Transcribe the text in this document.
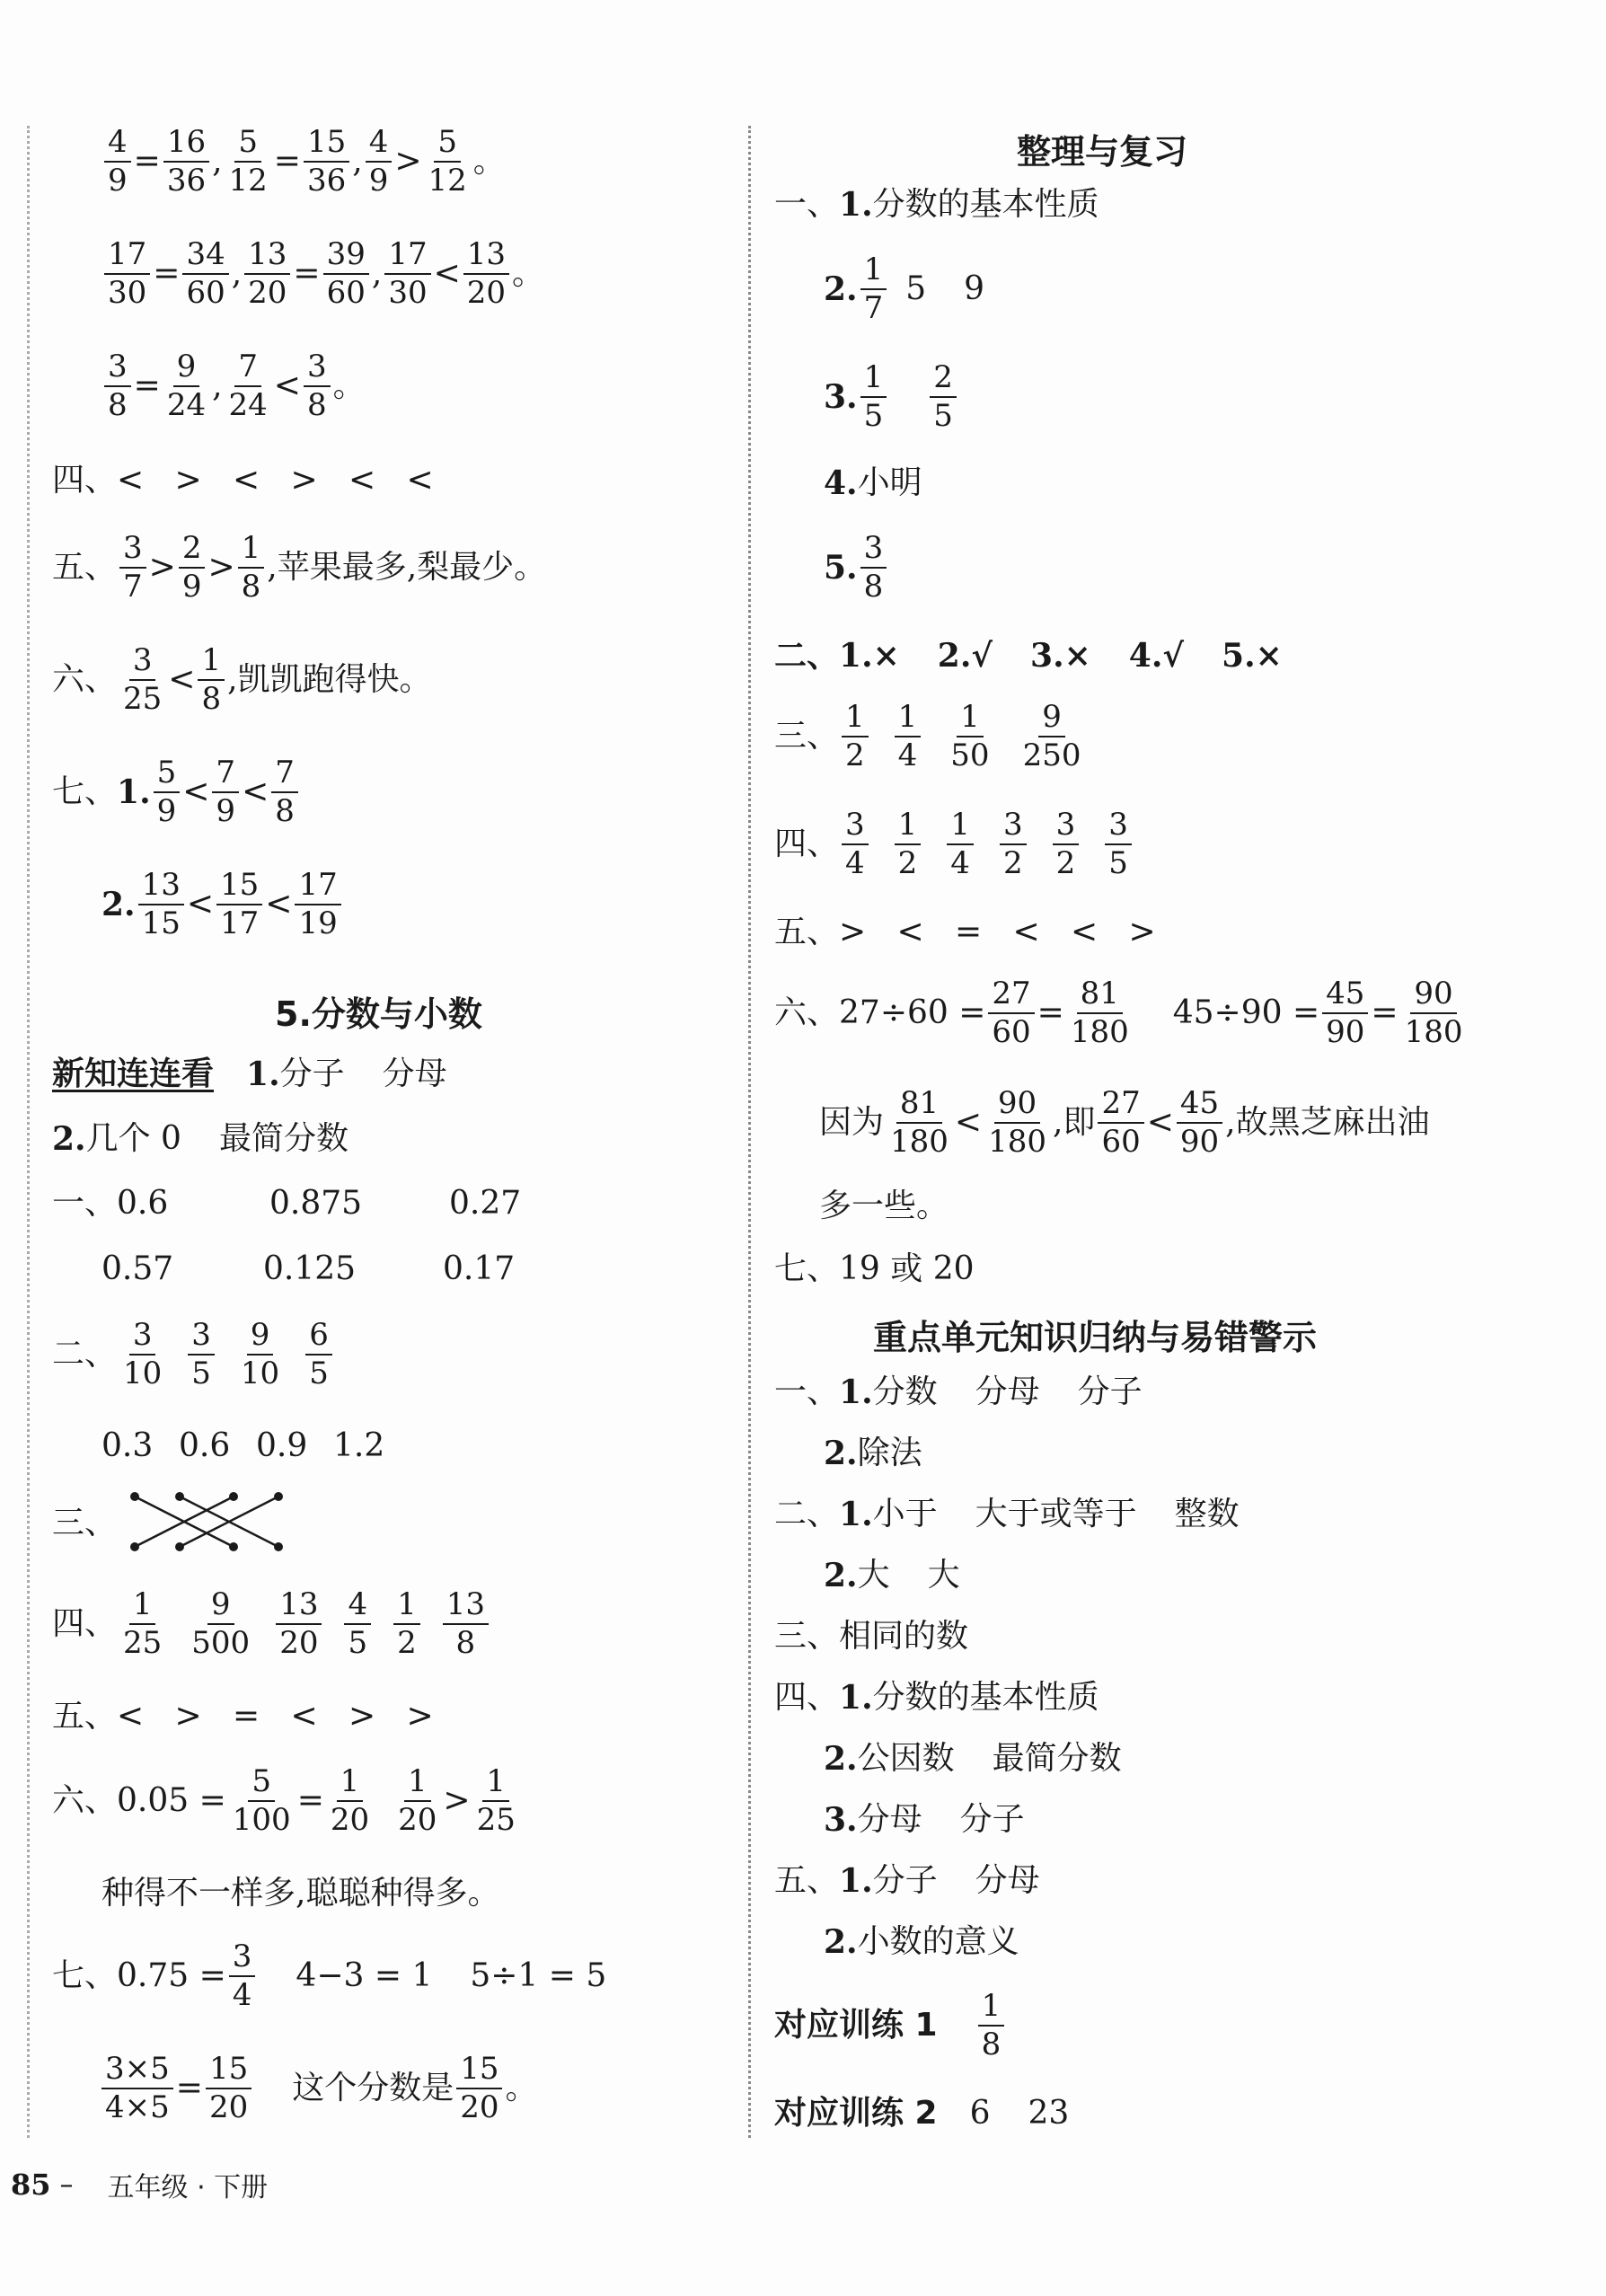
$\frac{4}{9} = \frac{16}{36}$ , $\frac{5}{12} = \frac{15}{36}$ , $\frac{4}{9} > \frac{5}{12}$ 。
$\frac{17}{30} = \frac{34}{60}$ , $\frac{13}{20} = \frac{39}{60}$ , $\frac{17}{30} < \frac{13}{20}$ 。
$\frac{3}{8} = \frac{9}{24}$ , $\frac{7}{24} < \frac{3}{8}$ 。
四、 <   >   <   >   <   <
五、 $\frac{3}{7} > \frac{2}{9} > \frac{1}{8}$ ,苹果最多,梨最少。
六、 $\frac{3}{25} < \frac{1}{8}$ ,凯凯跑得快。
七、 1. $\frac{5}{9} < \frac{7}{9} < \frac{7}{8}$
2. $\frac{13}{15} < \frac{15}{17} < \frac{17}{19}$
5.分数与小数
新知连连看 1. 分子 分母
2. 几个 0 最简分数
一、 0.6	0.875	0.27
0.57	0.125	0.17
二、 $\frac{3}{10} \frac{3}{5} \frac{9}{10} \frac{6}{5}$
0.3 0.6 0.9 1.2
三、
四、 $\frac{1}{25} \frac{9}{500} \frac{13}{20} \frac{4}{5} \frac{1}{2} \frac{13}{8}$
五、 <   >   =   <   >   >
六、 $0.05 = \frac{5}{100} = \frac{1}{20} \frac{1}{20} > \frac{1}{25}$
种得不一样多,聪聪种得多。
七、 $0.75 = \frac{3}{4} 4-3 = 1$ 5÷1 = 5
$\frac{3\times 5}{4\times 5} = \frac{15}{20}$ 这个分数是 $\frac{15}{20}$ 。
整理与复习
一、 1. 分数的基本性质
2. $\frac{1}{7} 5$ 9
3. $\frac{1}{5} \frac{2}{5}$
4. 小明
5. $\frac{3}{8}$
二、 1.× 2.√ 3.× 4.√ 5.×
三、 $\frac{1}{2} \frac{1}{4} \frac{1}{50} \frac{9}{250}$
四、 $\frac{3}{4} \frac{1}{2} \frac{1}{4} \frac{3}{2} \frac{3}{2} \frac{3}{5}$
五、 >   <   =   <   <   >
六、 $27\div 60 = \frac{27}{60} = \frac{81}{180} 45\div 90 = \frac{45}{90} = \frac{90}{180}$
因为 $\frac{81}{180} < \frac{90}{180}$ ,即 $\frac{27}{60} < \frac{45}{90}$ ,故黑芝麻出油
多一些。
七、 19 或 20
重点单元知识归纳与易错警示
一、 1. 分数 分母 分子
2. 除法
二、 1. 小于 大于或等于 整数
2. 大 大
三、 相同的数
四、 1. 分数的基本性质
2. 公因数 最简分数
3. 分母 分子
五、 1. 分子 分母
2. 小数的意义
对应训练 $1 \frac{1}{8}$
对应训练 2 6 23
85 – 五年级 · 下册
